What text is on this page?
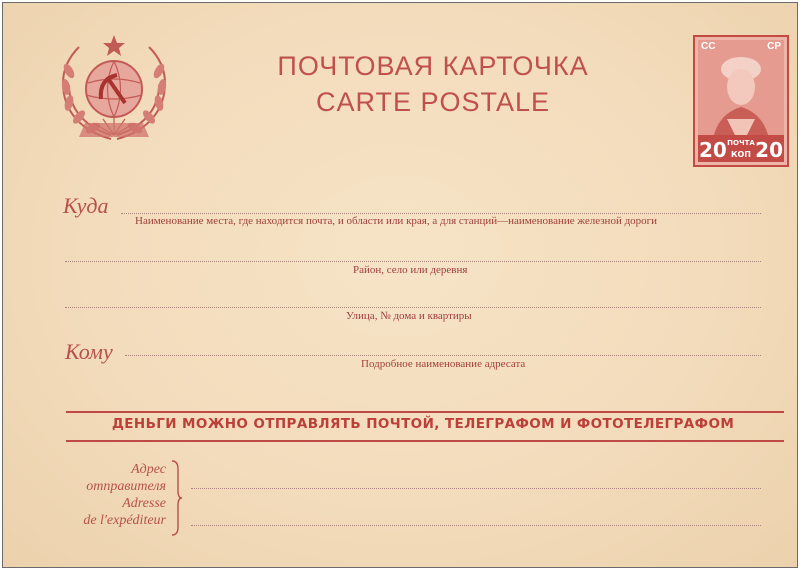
ПОЧТОВАЯ КАРТОЧКА
CARTE POSTALE
СС	СР
20 20
ПОЧТА
КОП
Куда
Наименование места, где находится почта, и области или края, а для станций—наименование железной дороги
Район, село или деревня
Улица, № дома и квартиры
Кому	Подробное наименование адресата
ДЕНЬГИ МОЖНО ОТПРАВЛЯТЬ ПОЧТОЙ, ТЕЛЕГРАФОМ И ФОТОТЕЛЕГРАФОМ
Адрес
отправителя
Adresse
de l'expéditeur
